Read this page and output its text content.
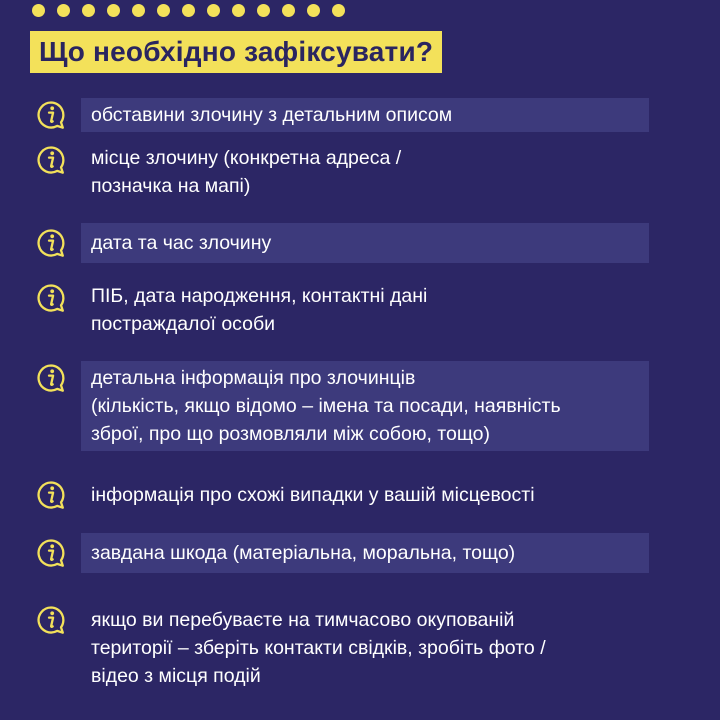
Що необхідно зафіксувати?
обставини злочину з детальним описом
місце злочину (конкретна адреса /
позначка на мапі)
дата та час злочину
ПІБ, дата народження, контактні дані
постраждалої особи
детальна інформація про злочинців
(кількість, якщо відомо – імена та посади, наявність
зброї, про що розмовляли між собою, тощо)
інформація про схожі випадки у вашій місцевості
завдана шкода (матеріальна, моральна, тощо)
якщо ви перебуваєте на тимчасово окупованій
території – зберіть контакти свідків, зробіть фото /
відео з місця подій
